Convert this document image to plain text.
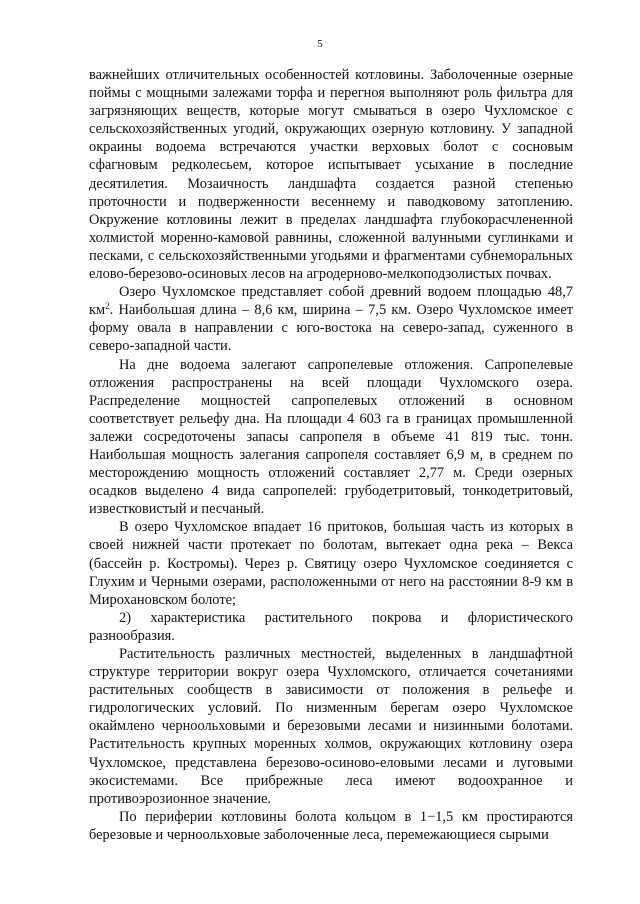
5

важнейших отличительных особенностей котловины. Заболоченные озерные поймы с мощными залежами торфа и перегноя выполняют роль фильтра для загрязняющих веществ, которые могут смываться в озеро Чухломское с сельскохозяйственных угодий, окружающих озерную котловину. У западной окраины водоема встречаются участки верховых болот с сосновым сфагновым редколесьем, которое испытывает усыхание в последние десятилетия. Мозаичность ландшафта создается разной степенью проточности и подверженности весеннему и паводковому затоплению. Окружение котловины лежит в пределах ландшафта глубокорасчлененной холмистой моренно-камовой равнины, сложенной валунными суглинками и песками, с сельскохозяйственными угодьями и фрагментами субнеморальных елово-березово-осиновых лесов на агродерново-мелкоподзолистых почвах.

Озеро Чухломское представляет собой древний водоем площадью 48,7 $км^2$. Наибольшая длина – 8,6 км, ширина – 7,5 км. Озеро Чухломское имеет форму овала в направлении с юго-востока на северо-запад, суженного в северо-западной части.

На дне водоема залегают сапропелевые отложения. Сапропелевые отложения распространены на всей площади Чухломского озера. Распределение мощностей сапропелевых отложений в основном соответствует рельефу дна. На площади 4 603 га в границах промышленной залежи сосредоточены запасы сапропеля в объеме 41 819 тыс. тонн. Наибольшая мощность залегания сапропеля составляет 6,9 м, в среднем по месторождению мощность отложений составляет 2,77 м. Среди озерных осадков выделено 4 вида сапропелей: грубодетритовый, тонкодетритовый, известковистый и песчаный.

В озеро Чухломское впадает 16 притоков, большая часть из которых в своей нижней части протекает по болотам, вытекает одна река – Векса (бассейн р. Костромы). Через р. Святицу озеро Чухломское соединяется с Глухим и Черными озерами, расположенными от него на расстоянии 8-9 км в Мирохановском болоте;

2) характеристика растительного покрова и флористического разнообразия.

Растительность различных местностей, выделенных в ландшафтной структуре территории вокруг озера Чухломского, отличается сочетаниями растительных сообществ в зависимости от положения в рельефе и гидрологических условий. По низменным берегам озеро Чухломское окаймлено черноольховыми и березовыми лесами и низинными болотами. Растительность крупных моренных холмов, окружающих котловину озера Чухломское, представлена березово-осиново-еловыми лесами и луговыми экосистемами. Все прибрежные леса имеют водоохранное и противоэрозионное значение.

По периферии котловины болота кольцом в 1−1,5 км простираются березовые и черноольховые заболоченные леса, перемежающиеся сырыми
